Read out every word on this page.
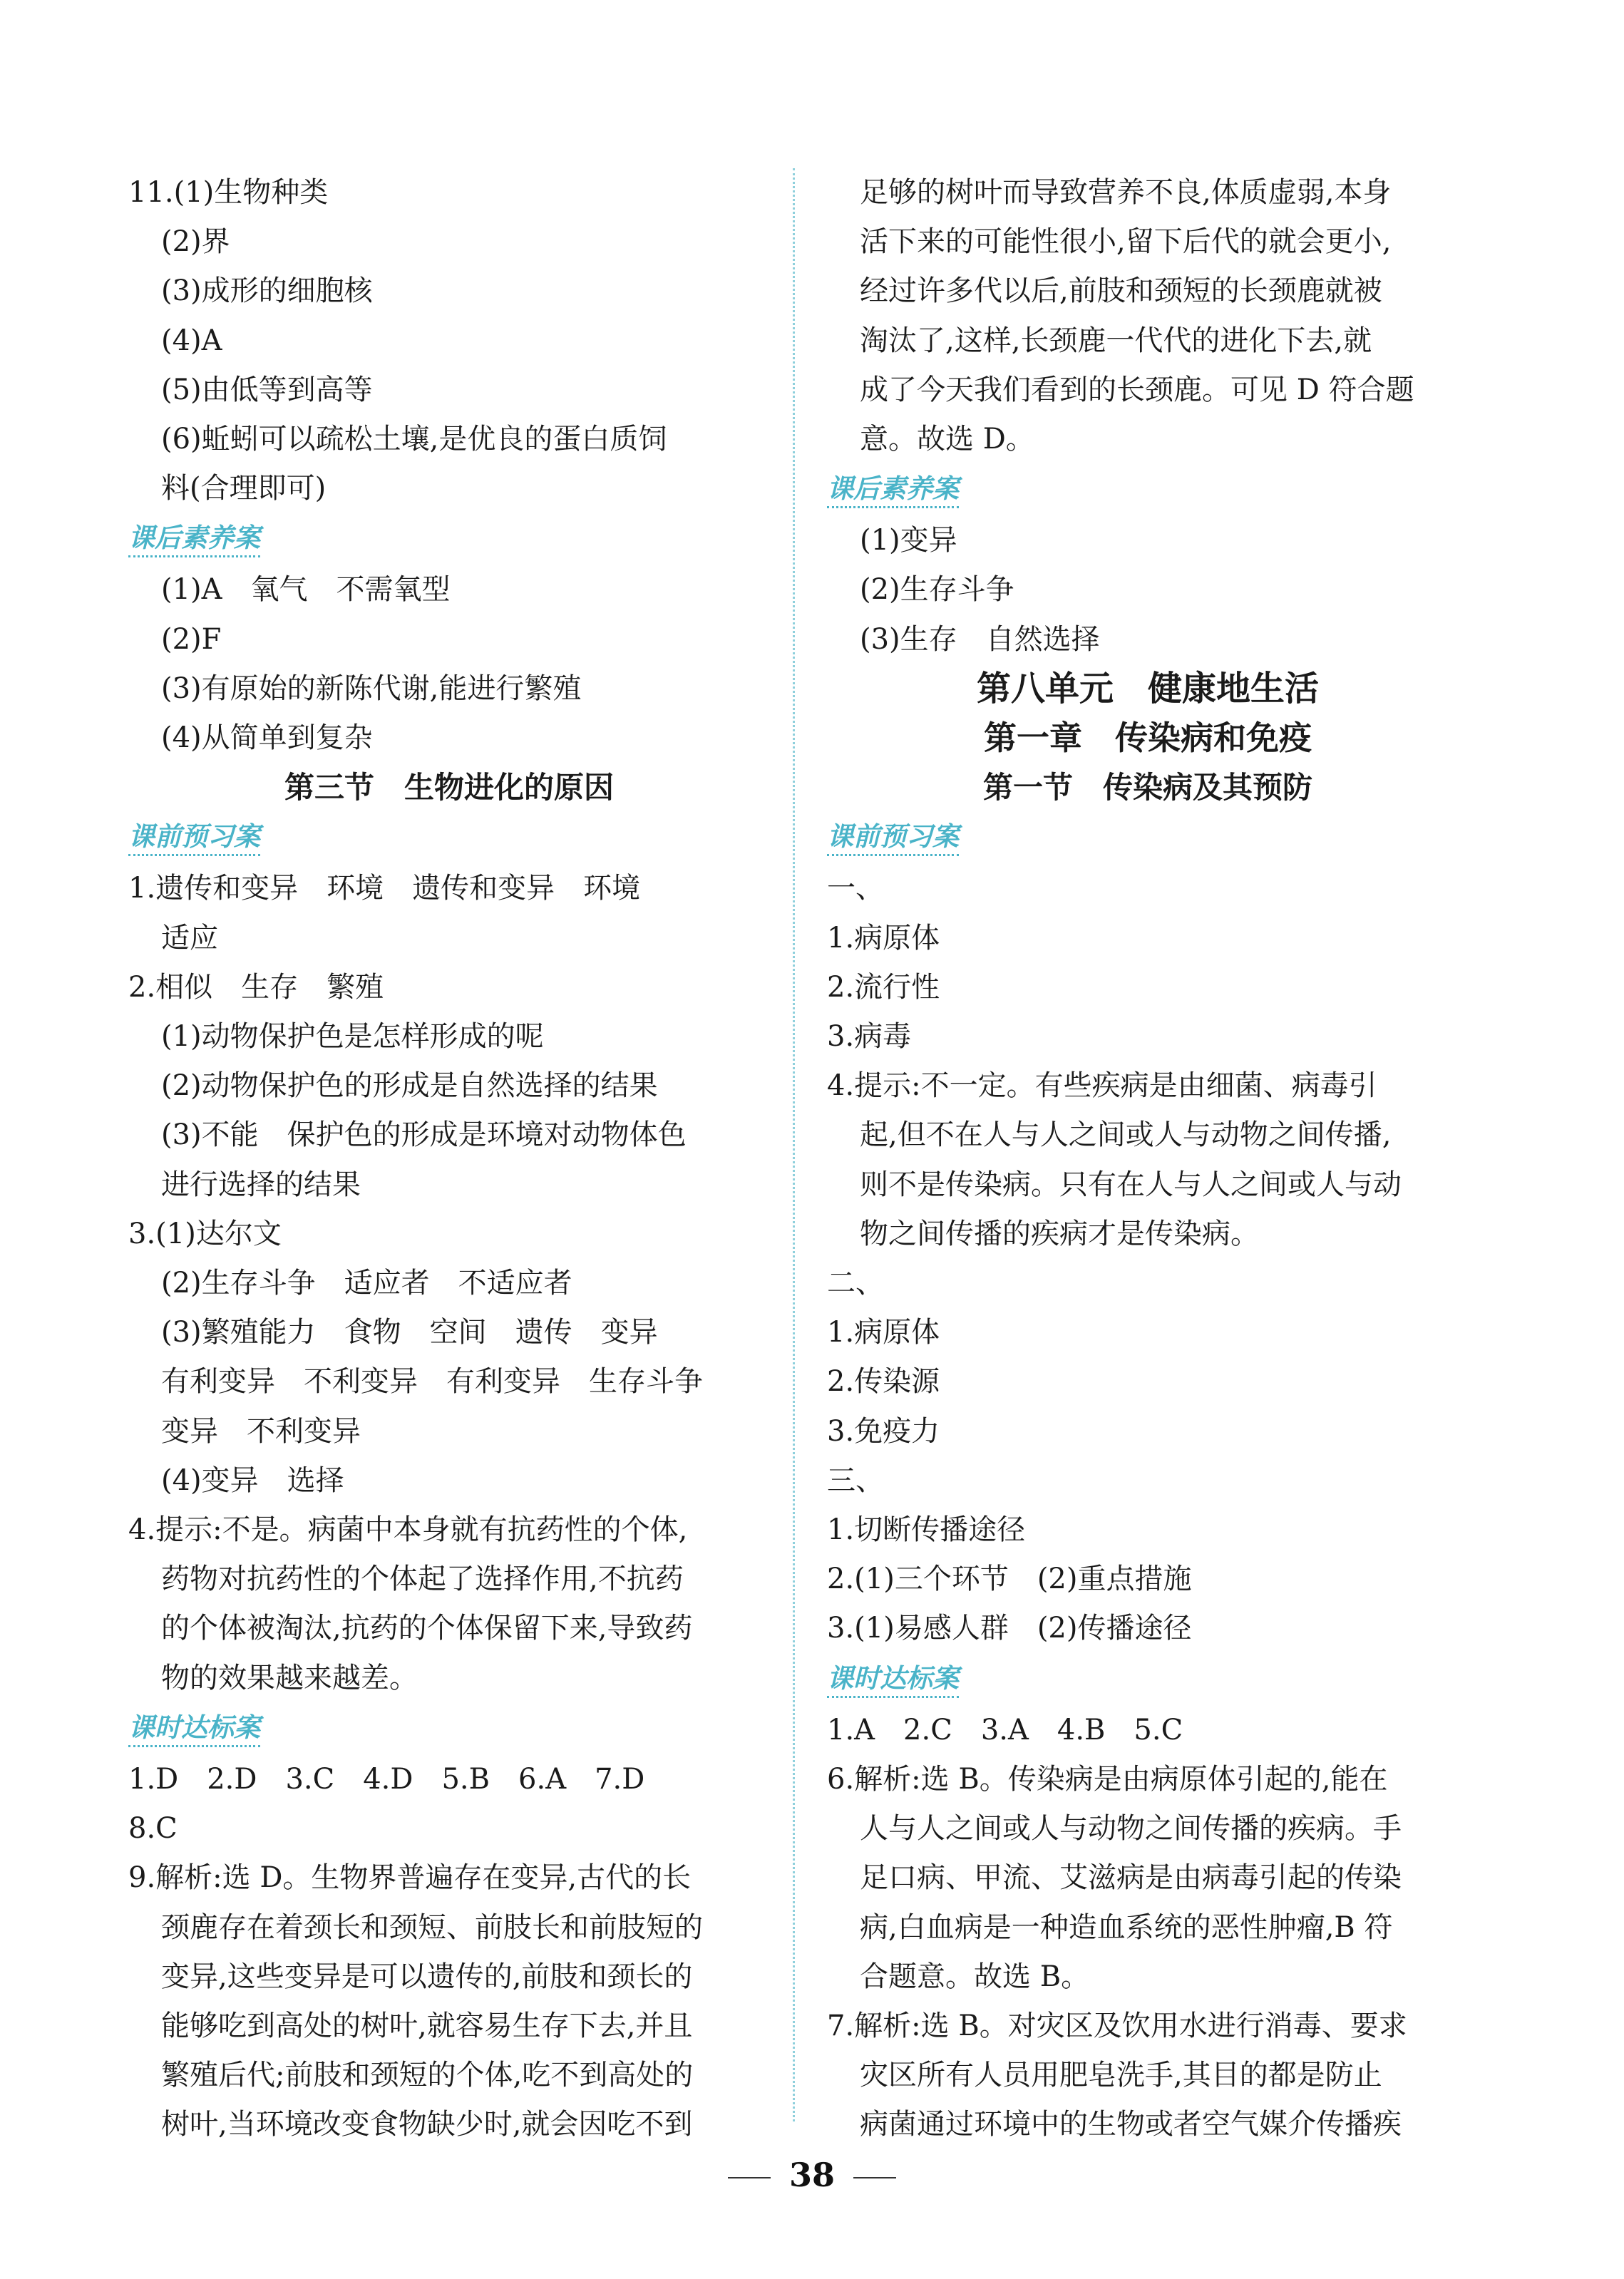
11.(1)生物种类
(2)界
(3)成形的细胞核
(4)A
(5)由低等到高等
(6)蚯蚓可以疏松土壤,是优良的蛋白质饲
料(合理即可)
课后素养案
(1)A　氧气　不需氧型
(2)F
(3)有原始的新陈代谢,能进行繁殖
(4)从简单到复杂
第三节　生物进化的原因
课前预习案
1.遗传和变异　环境　遗传和变异　环境
适应
2.相似　生存　繁殖
(1)动物保护色是怎样形成的呢
(2)动物保护色的形成是自然选择的结果
(3)不能　保护色的形成是环境对动物体色
进行选择的结果
3.(1)达尔文
(2)生存斗争　适应者　不适应者
(3)繁殖能力　食物　空间　遗传　变异
有利变异　不利变异　有利变异　生存斗争
变异　不利变异
(4)变异　选择
4.提示:不是。病菌中本身就有抗药性的个体,
药物对抗药性的个体起了选择作用,不抗药
的个体被淘汰,抗药的个体保留下来,导致药
物的效果越来越差。
课时达标案
1.D　2.D　3.C　4.D　5.B　6.A　7.D
8.C
9.解析:选 D。生物界普遍存在变异,古代的长
颈鹿存在着颈长和颈短、前肢长和前肢短的
变异,这些变异是可以遗传的,前肢和颈长的
能够吃到高处的树叶,就容易生存下去,并且
繁殖后代;前肢和颈短的个体,吃不到高处的
树叶,当环境改变食物缺少时,就会因吃不到
足够的树叶而导致营养不良,体质虚弱,本身
活下来的可能性很小,留下后代的就会更小,
经过许多代以后,前肢和颈短的长颈鹿就被
淘汰了,这样,长颈鹿一代代的进化下去,就
成了今天我们看到的长颈鹿。可见 D 符合题
意。故选 D。
课后素养案
(1)变异
(2)生存斗争
(3)生存　自然选择
第八单元　健康地生活
第一章　传染病和免疫
第一节　传染病及其预防
课前预习案
一、
1.病原体
2.流行性
3.病毒
4.提示:不一定。有些疾病是由细菌、病毒引
起,但不在人与人之间或人与动物之间传播,
则不是传染病。只有在人与人之间或人与动
物之间传播的疾病才是传染病。
二、
1.病原体
2.传染源
3.免疫力
三、
1.切断传播途径
2.(1)三个环节　(2)重点措施
3.(1)易感人群　(2)传播途径
课时达标案
1.A　2.C　3.A　4.B　5.C
6.解析:选 B。传染病是由病原体引起的,能在
人与人之间或人与动物之间传播的疾病。手
足口病、甲流、艾滋病是由病毒引起的传染
病,白血病是一种造血系统的恶性肿瘤,B 符
合题意。故选 B。
7.解析:选 B。对灾区及饮用水进行消毒、要求
灾区所有人员用肥皂洗手,其目的都是防止
病菌通过环境中的生物或者空气媒介传播疾
38
